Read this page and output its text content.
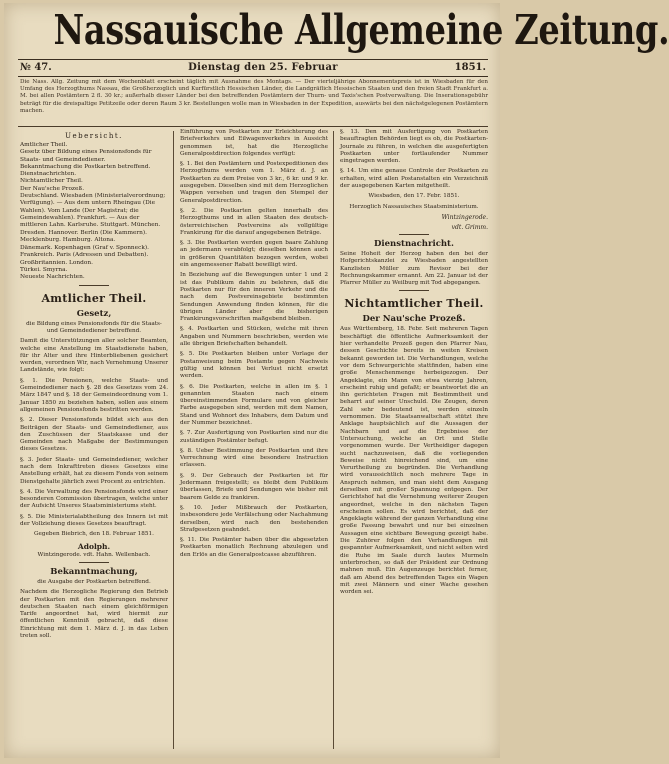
Nassauische Allgemeine Zeitung.
№ 47.	Dienstag den 25. Februar	1851.
Die Nass. Allg. Zeitung mit dem Wochenblatt erscheint täglich mit Ausnahme des Montags. — Der vierteljährige Abonnementspreis ist in Wiesbaden für den Umfang des Herzogthums Nassau, die Großherzoglich und Kurfürstlich Hessischen Länder, die Landgräflich Hessischen Staaten und den freien Stadt Frankfurt a. M. bei allen Postämtern 2 fl. 30 kr.; außerhalb dieser Länder bei den betreffenden Postämtern der Thurn- und Taxis'schen Postverwaltung. Die Inserationsgebühr beträgt für die dreispaltige Petitzeile oder deren Raum 3 kr. Bestellungen wolle man in Wiesbaden in der Expedition, auswärts bei den nächstgelegenen Postämtern machen.
Uebersicht.
Amtlicher Theil.
Gesetz über Bildung eines Pensionsfonds für Staats- und Gemeindediener.
Bekanntmachung die Postkarten betreffend.
Dienstnachrichten.
Nichtamtlicher Theil.
Der Nau'sche Prozeß.
Deutschland. Wiesbaden (Ministerialverordnung; Verfügung). — Aus dem untern Rheingau (Die Wahlen). Vom Lande (Der Magistrat; die Gemeindewahlen). Frankfurt. — Aus der mittleren Lahn. Karlsruhe. Stuttgart. München. Dresden. Hannover. Berlin (Die Kammern). Mecklenburg. Hamburg. Altona.
Dänemark. Kopenhagen (Graf v. Sponneck).
Frankreich. Paris (Adressen und Debatten).
Großbritannien. London.
Türkei. Smyrna.
Neueste Nachrichten.
Amtlicher Theil.
Gesetz,

die Bildung eines Pensionsfonds für die Staats- und Gemeindediener betreffend.

Damit die Unterstützungen aller solcher Beamten, welche eine Anstellung im Staatsdienste haben, für ihr Alter und ihre Hinterbliebenen gesichert werden, verordnen Wir, nach Vernehmung Unserer Landstände, wie folgt:

§. 1. Die Pensionen, welche Staats- und Gemeindediener nach §. 28 des Gesetzes vom 24. März 1847 und §. 18 der Gemeindeordnung vom 1. Januar 1850 zu beziehen haben, sollen aus einem allgemeinen Pensionsfonds bestritten werden.

§. 2. Dieser Pensionsfonds bildet sich aus den Beiträgen der Staats- und Gemeindediener, aus den Zuschüssen der Staatskasse und der Gemeinden nach Maßgabe der Bestimmungen dieses Gesetzes.

§. 3. Jeder Staats- und Gemeindediener, welcher nach dem Inkrafttreten dieses Gesetzes eine Anstellung erhält, hat zu diesem Fonds von seinem Dienstgehalte jährlich zwei Procent zu entrichten.

§. 4. Die Verwaltung des Pensionsfonds wird einer besonderen Commission übertragen, welche unter der Aufsicht Unseres Staatsministeriums steht.

§. 5. Die Ministerialabtheilung des Innern ist mit der Vollziehung dieses Gesetzes beauftragt.

Gegeben Biebrich, den 18. Februar 1851.

Adolph.

Wintzingerode. vdt. Hahn. Wellenbach.

Bekanntmachung,

die Ausgabe der Postkarten betreffend.

Nachdem die Herzogliche Regierung den Betrieb der Postkarten mit den Regierungen mehrerer deutschen Staaten nach einem gleichförmigen Tarife angeordnet hat, wird hiermit zur öffentlichen Kenntniß gebracht, daß diese Einrichtung mit dem 1. März d. J. in das Leben treten soll.

Einführung von Postkarten zur Erleichterung des Briefverkehrs und Eilwagenverkehrs in Aussicht genommen ist, hat die Herzogliche Generalpostdirection folgendes verfügt:

§. 1. Bei den Postämtern und Postexpeditionen des Herzogthums werden vom 1. März d. J. an Postkarten zu dem Preise von 3 kr., 6 kr. und 9 kr. ausgegeben. Dieselben sind mit dem Herzoglichen Wappen versehen und tragen den Stempel der Generalpostdirection.

§. 2. Die Postkarten gelten innerhalb des Herzogthums und in allen Staaten des deutsch-österreichischen Postvereins als vollgültige Frankirung für die darauf angegebenen Beträge.

§. 3. Die Postkarten werden gegen baare Zahlung an jedermann verabfolgt; dieselben können auch in größeren Quantitäten bezogen werden, wobei ein angemessener Rabatt bewilligt wird.

In Beziehung auf die Bewegungen unter 1 und 2 ist das Publikum dahin zu belehren, daß die Postkarten nur für den inneren Verkehr und die nach dem Postvereinsgebiete bestimmten Sendungen Anwendung finden können, für die übrigen Länder aber die bisherigen Frankirungsvorschriften maßgebend bleiben.

§. 4. Postkarten und Stücken, welche mit ihren Angaben und Nummern beschrieben, werden wie alle übrigen Briefschaften behandelt.

§. 5. Die Postkarten bleiben unter Vorlage der Postanweisung beim Postamte gegen Nachweis gültig und können bei Verlust nicht ersetzt werden.

§. 6. Die Postkarten, welche in allen im §. 1 genannten Staaten nach einem übereinstimmenden Formulare und von gleicher Farbe ausgegeben sind, werden mit dem Namen, Stand und Wohnort des Inhabers, dem Datum und der Nummer bezeichnet.

§. 7. Zur Ausfertigung von Postkarten sind nur die zuständigen Postämter befugt.

§. 8. Ueber Bestimmung der Postkarten und ihre Verrechnung wird eine besondere Instruction erlassen.

§. 9. Der Gebrauch der Postkarten ist für Jedermann freigestellt; es bleibt dem Publikum überlassen, Briefe und Sendungen wie bisher mit baarem Gelde zu frankiren.

§. 10. Jeder Mißbrauch der Postkarten, insbesondere jede Verfälschung oder Nachahmung derselben, wird nach den bestehenden Strafgesetzen geahndet.

§. 11. Die Postämter haben über die abgesetzten Postkarten monatlich Rechnung abzulegen und den Erlös an die Generalpostcasse abzuführen.

§. 13. Den mit Ausfertigung von Postkarten beauftragten Behörden liegt es ob, die Postkarten-Journale zu führen, in welchen die ausgefertigten Postkarten unter fortlaufender Nummer eingetragen werden.

§. 14. Um eine genaue Controle der Postkarten zu erhalten, wird allen Postanstalten ein Verzeichniß der ausgegebenen Karten mitgetheilt.

Wiesbaden, den 17. Febr. 1851.

Herzoglich Nassauisches Staatsministerium.

Wintzingerode.
vdt. Grimm.
Dienstnachricht.

Seine Hoheit der Herzog haben den bei der Hofgerichtskanzlei zu Wiesbaden angestellten Kanzlisten Müller zum Revisor bei der Rechnungskammer ernannt. Am 22. Januar ist der Pfarrer Müller zu Weilburg mit Tod abgegangen.

Nichtamtlicher Theil.
Der Nau'sche Prozeß.

Aus Württemberg, 18. Febr. Seit mehreren Tagen beschäftigt die öffentliche Aufmerksamkeit der hier verhandelte Prozeß gegen den Pfarrer Nau, dessen Geschichte bereits in weiten Kreisen bekannt geworden ist. Die Verhandlungen, welche vor dem Schwurgerichte stattfinden, haben eine große Menschenmenge herbeigezogen. Der Angeklagte, ein Mann von etwa vierzig Jahren, erscheint ruhig und gefaßt; er beantwortet die an ihn gerichteten Fragen mit Bestimmtheit und beharrt auf seiner Unschuld. Die Zeugen, deren Zahl sehr bedeutend ist, werden einzeln vernommen. Die Staatsanwaltschaft stützt ihre Anklage hauptsächlich auf die Aussagen der Nachbarn und auf die Ergebnisse der Untersuchung, welche an Ort und Stelle vorgenommen wurde. Der Vertheidiger dagegen sucht nachzuweisen, daß die vorliegenden Beweise nicht hinreichend sind, um eine Verurtheilung zu begründen. Die Verhandlung wird voraussichtlich noch mehrere Tage in Anspruch nehmen, und man sieht dem Ausgang derselben mit großer Spannung entgegen. Der Gerichtshof hat die Vernehmung weiterer Zeugen angeordnet, welche in den nächsten Tagen erscheinen sollen. Es wird berichtet, daß der Angeklagte während der ganzen Verhandlung eine große Fassung bewahrt und nur bei einzelnen Aussagen eine sichtbare Bewegung gezeigt habe. Die Zuhörer folgen den Verhandlungen mit gespannter Aufmerksamkeit, und nicht selten wird die Ruhe im Saale durch lautes Murmeln unterbrochen, so daß der Präsident zur Ordnung mahnen muß. Ein Augenzeuge berichtet ferner, daß am Abend des betreffenden Tages ein Wagen mit zwei Männern und einer Wache gesehen worden sei.
